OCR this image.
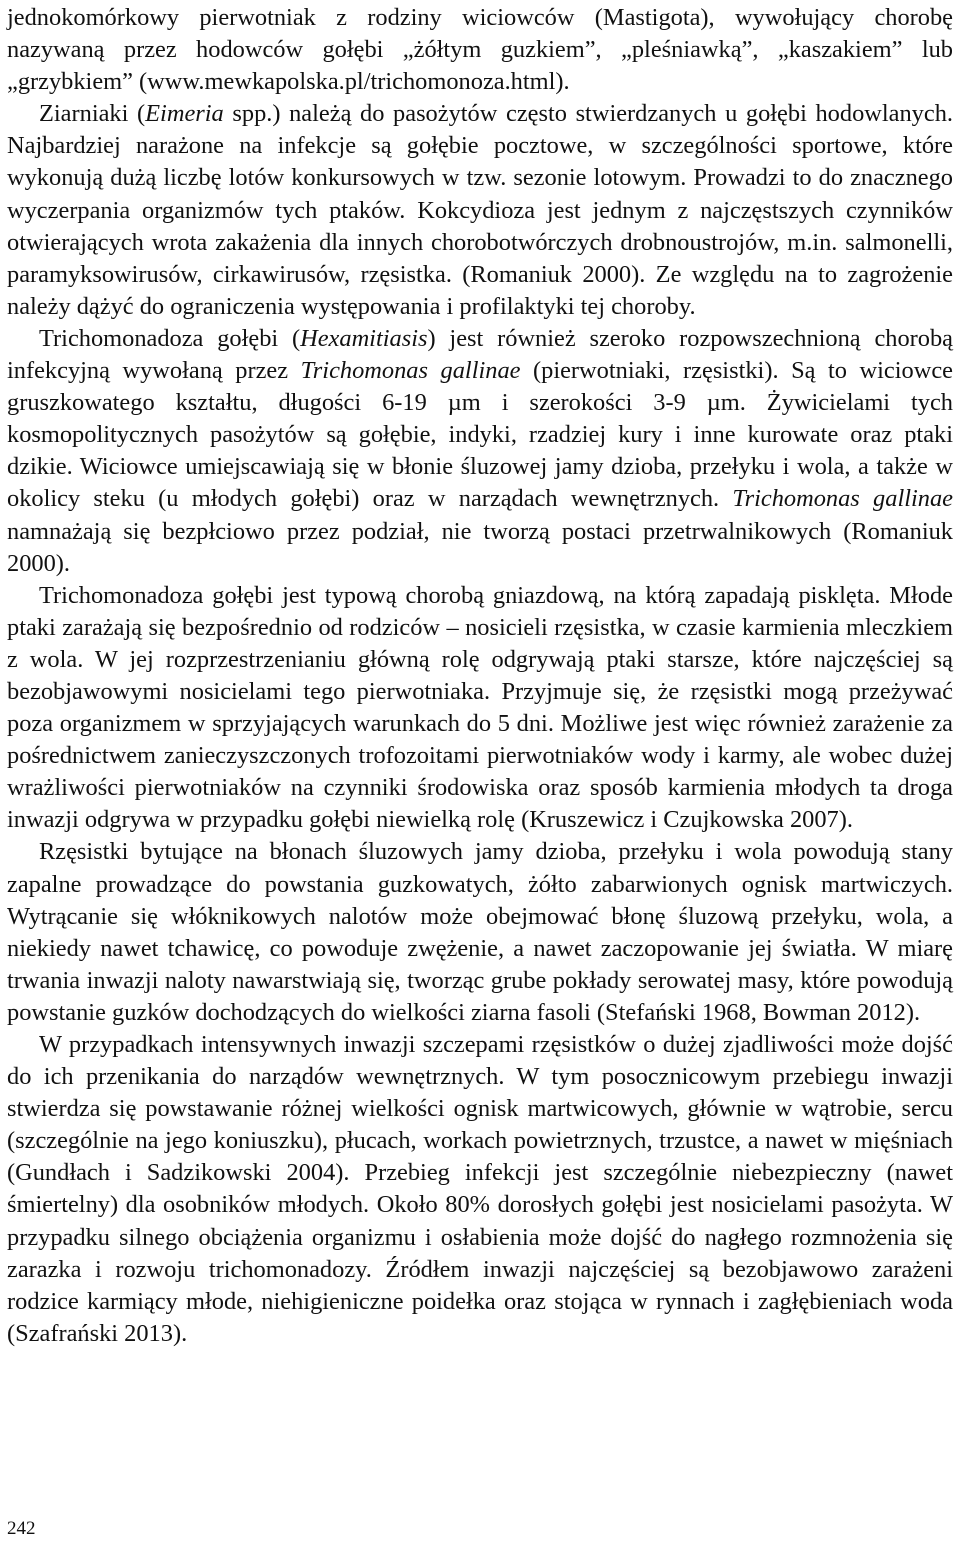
jednokomórkowy pierwotniak z rodziny wiciowców (Mastigota), wywołujący chorobę nazywaną przez hodowców gołębi „żółtym guzkiem”, „pleśniawką”, „kaszakiem” lub „grzybkiem” (www.mewkapolska.pl/trichomonoza.html).

Ziarniaki (Eimeria spp.) należą do pasożytów często stwierdzanych u gołębi hodowlanych. Najbardziej narażone na infekcje są gołębie pocztowe, w szczególności sportowe, które wykonują dużą liczbę lotów konkursowych w tzw. sezonie lotowym. Prowadzi to do znacznego wyczerpania organizmów tych ptaków. Kokcydioza jest jednym z najczęstszych czynników otwierających wrota zakażenia dla innych chorobotwórczych drobnoustrojów, m.in. salmonelli, paramyksowirusów, cirkawirusów, rzęsistka. (Romaniuk 2000). Ze względu na to zagrożenie należy dążyć do ograniczenia występowania i profilaktyki tej choroby.

Trichomonadoza gołębi (Hexamitiasis) jest również szeroko rozpowszechnioną chorobą infekcyjną wywołaną przez Trichomonas gallinae (pierwotniaki, rzęsistki). Są to wiciowce gruszkowatego kształtu, długości 6-19 µm i szerokości 3-9 µm. Żywicielami tych kosmopolitycznych pasożytów są gołębie, indyki, rzadziej kury i inne kurowate oraz ptaki dzikie. Wiciowce umiejscawiają się w błonie śluzowej jamy dzioba, przełyku i wola, a także w okolicy steku (u młodych gołębi) oraz w narządach wewnętrznych. Trichomonas gallinae namnażają się bezpłciowo przez podział, nie tworzą postaci przetrwalnikowych (Romaniuk 2000).

Trichomonadoza gołębi jest typową chorobą gniazdową, na którą zapadają pisklęta. Młode ptaki zarażają się bezpośrednio od rodziców – nosicieli rzęsistka, w czasie karmienia mleczkiem z wola. W jej rozprzestrzenianiu główną rolę odgrywają ptaki starsze, które najczęściej są bezobjawowymi nosicielami tego pierwotniaka. Przyjmuje się, że rzęsistki mogą przeżywać poza organizmem w sprzyjających warunkach do 5 dni. Możliwe jest więc również zarażenie za pośrednictwem zanieczyszczonych trofozoitami pierwotniaków wody i karmy, ale wobec dużej wrażliwości pierwotniaków na czynniki środowiska oraz sposób karmienia młodych ta droga inwazji odgrywa w przypadku gołębi niewielką rolę (Kruszewicz i Czujkowska 2007).

Rzęsistki bytujące na błonach śluzowych jamy dzioba, przełyku i wola powodują stany zapalne prowadzące do powstania guzkowatych, żółto zabarwionych ognisk martwiczych. Wytrącanie się włóknikowych nalotów może obejmować błonę śluzową przełyku, wola, a niekiedy nawet tchawicę, co powoduje zwężenie, a nawet zaczopowanie jej światła. W miarę trwania inwazji naloty nawarstwiają się, tworząc grube pokłady serowatej masy, które powodują powstanie guzków dochodzących do wielkości ziarna fasoli (Stefański 1968, Bowman 2012).

W przypadkach intensywnych inwazji szczepami rzęsistków o dużej zjadliwości może dojść do ich przenikania do narządów wewnętrznych. W tym posocznicowym przebiegu inwazji stwierdza się powstawanie różnej wielkości ognisk martwicowych, głównie w wątrobie, sercu (szczególnie na jego koniuszku), płucach, workach powietrznych, trzustce, a nawet w mięśniach (Gundłach i Sadzikowski 2004). Przebieg infekcji jest szczególnie niebezpieczny (nawet śmiertelny) dla osobników młodych. Około 80% dorosłych gołębi jest nosicielami pasożyta. W przypadku silnego obciążenia organizmu i osłabienia może dojść do nagłego rozmnożenia się zarazka i rozwoju trichomonadozy. Źródłem inwazji najczęściej są bezobjawowo zarażeni rodzice karmiący młode, niehigieniczne poidełka oraz stojąca w rynnach i zagłębieniach woda (Szafrański 2013).

242
